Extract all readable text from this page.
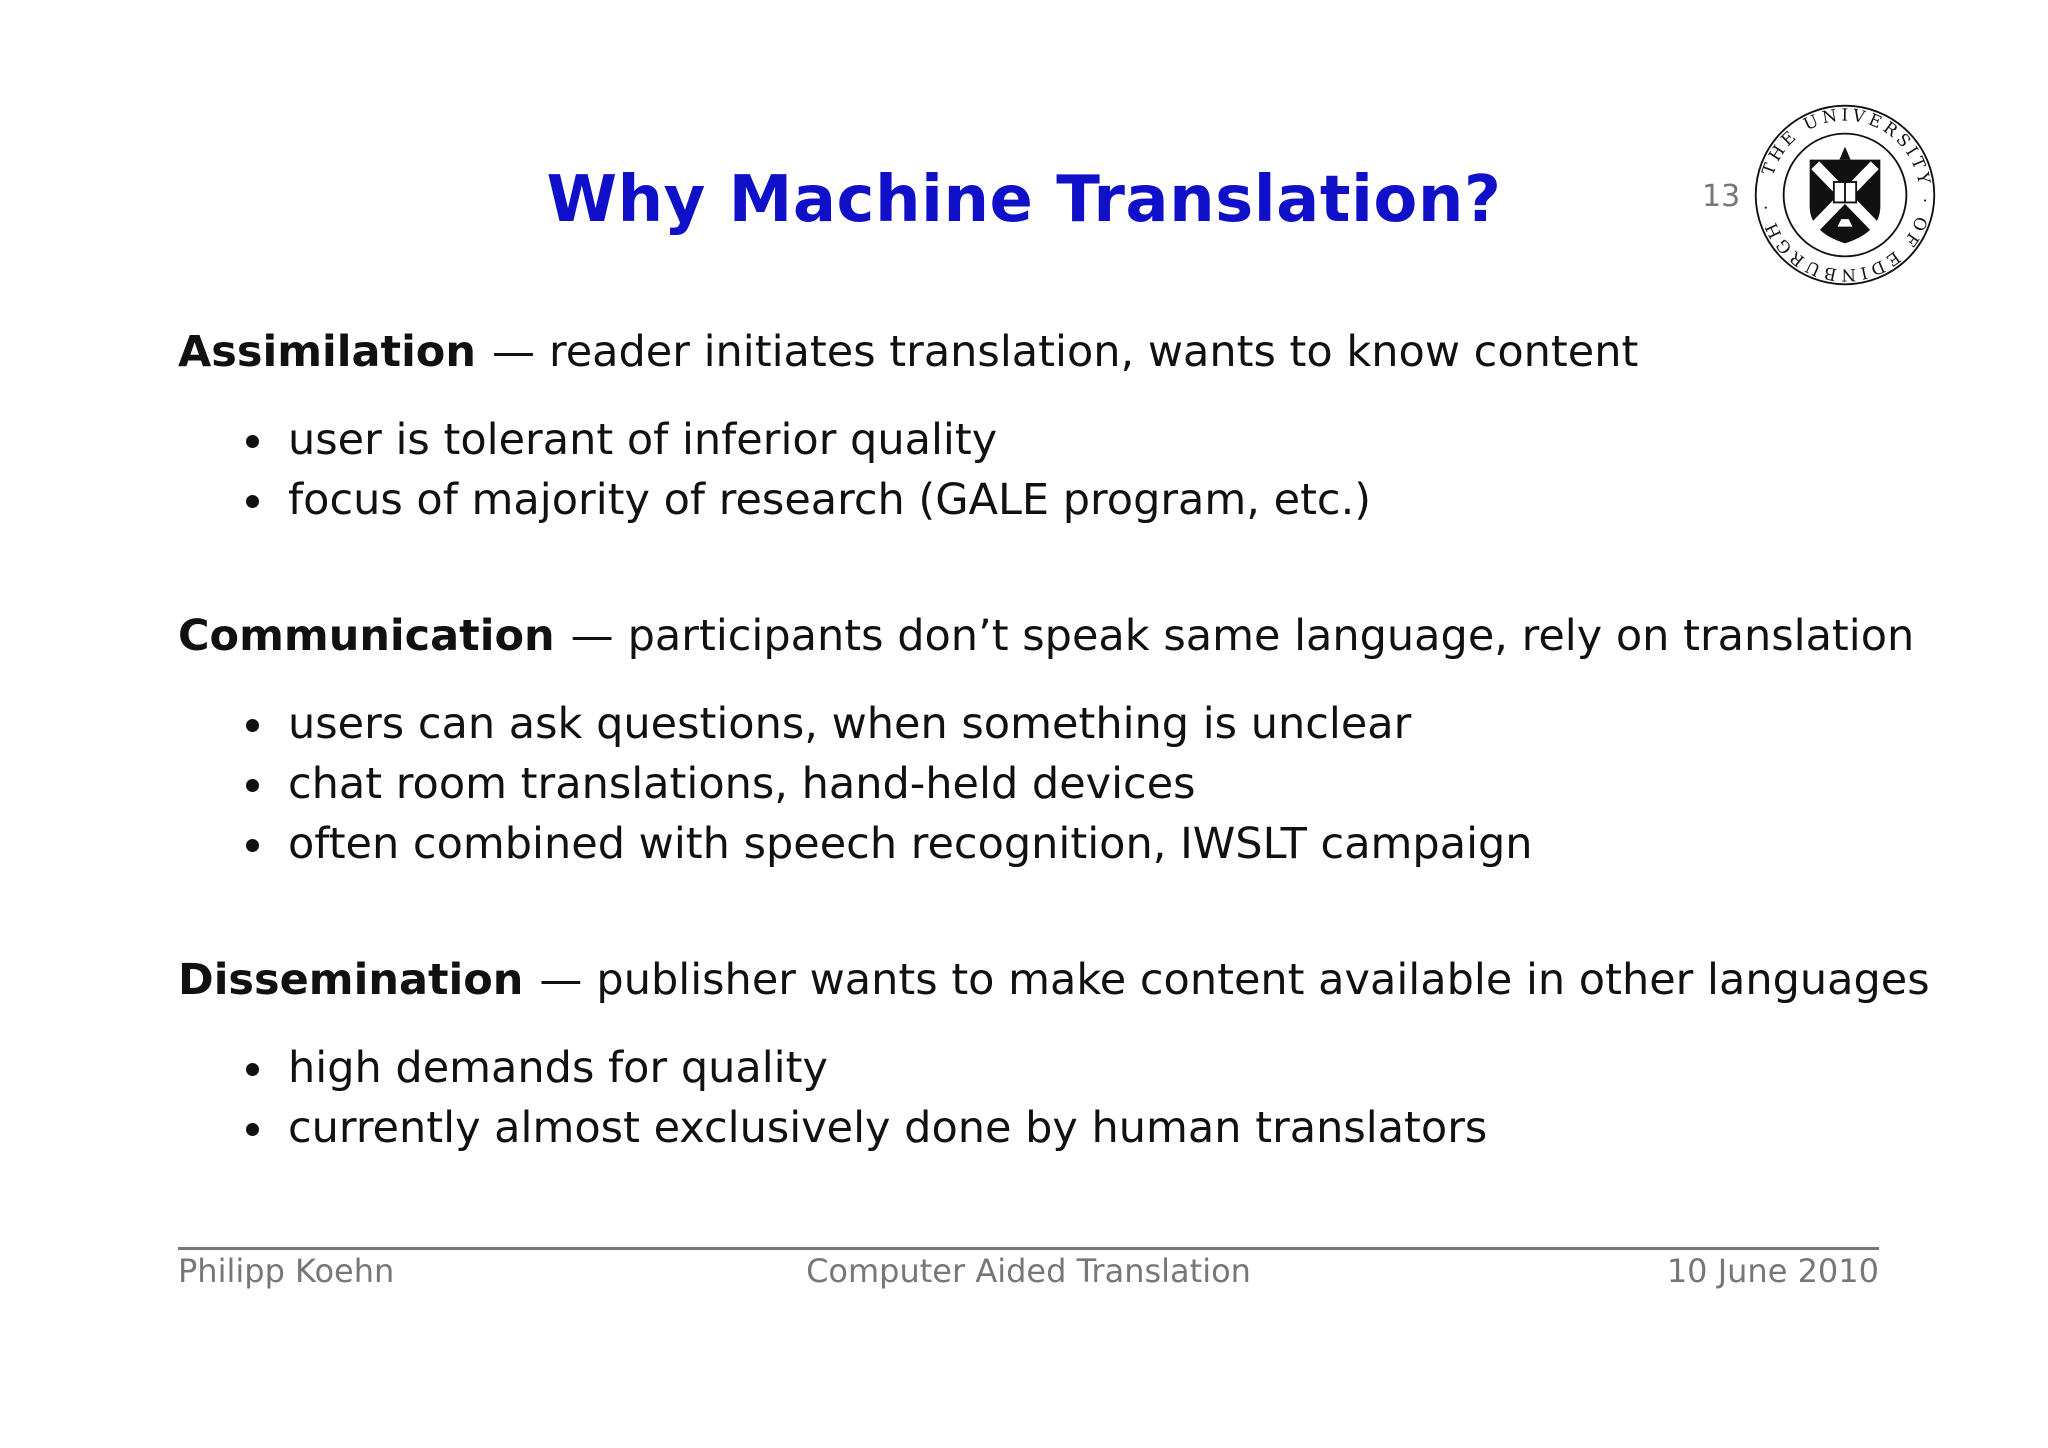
Why Machine Translation?	13
THE UNIVERSITY · OF EDINBURGH ·
Assimilation — reader initiates translation, wants to know content
user is tolerant of inferior quality
focus of majority of research (GALE program, etc.)
Communication — participants don’t speak same language, rely on translation
users can ask questions, when something is unclear
chat room translations, hand-held devices
often combined with speech recognition, IWSLT campaign
Dissemination — publisher wants to make content available in other languages
high demands for quality
currently almost exclusively done by human translators
Philipp Koehn	Computer Aided Translation	10 June 2010
